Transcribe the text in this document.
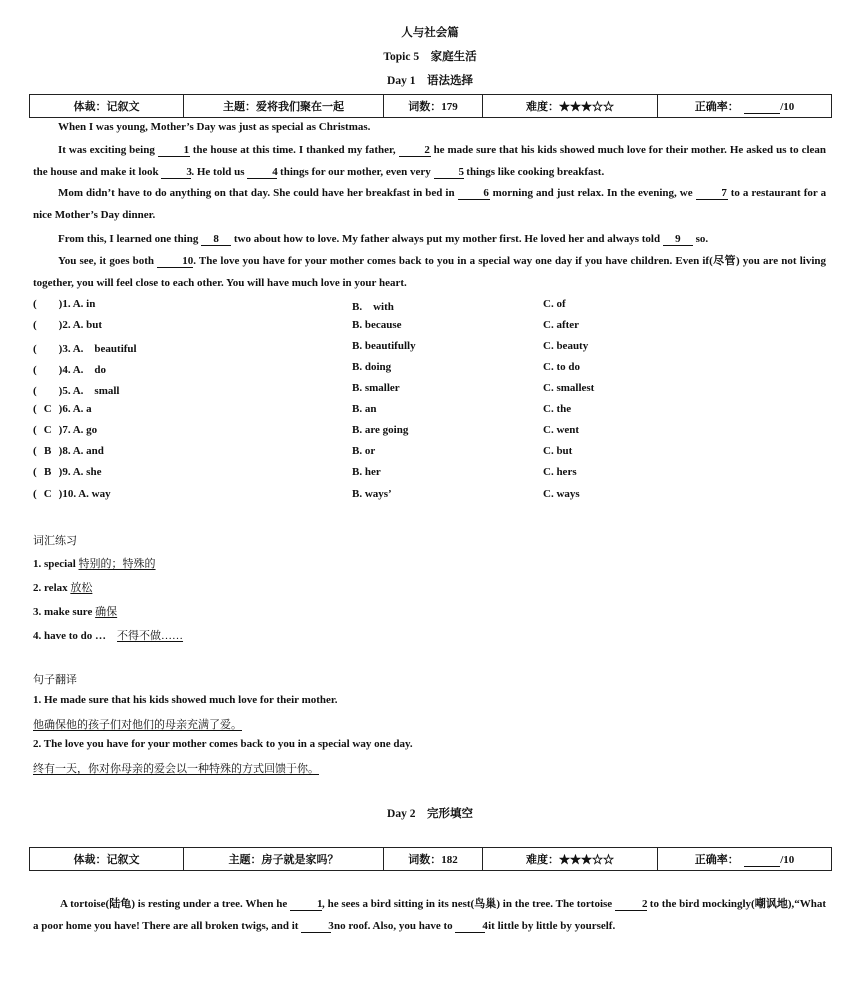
人与社会篇
Topic 5　家庭生活
Day 1　语法选择
体裁：记叙文	主题：爱将我们聚在一起	词数：179	难度：★★★☆☆	正确率：　	/10
When I was young, Mother’s Day was just as special as Christmas.
It was exciting being	1 the house at this time. I thanked my father,	2 he made sure that his kids showed much love for their mother. He asked us to clean the house and make it look	3. He told us	4 things for our mother, even very	5 things like cooking breakfast.
Mom didn’t have to do anything on that day. She could have her breakfast in bed in	6 morning and just relax. In the evening, we	7 to a restaurant for a nice Mother’s Day dinner.
From this, I learned one thing 8 two about how to love. My father always put my mother first. He loved her and always told 9 so.
You see, it goes both	10. The love you have for your mother comes back to you in a special way one day if you have children. Even if(尽管) you are not living together, you will feel close to each other. You will have much love in your heart.
( )1. A. in	B.　with	C. of
( )2. A. but	B. because	C. after
( )3. A.　beautiful	B. beautifully	C. beauty
( )4. A.　do	B. doing	C. to do
( )5. A.　small	B. smaller	C. smallest
( C )6. A. a	B. an	C. the
( C )7. A. go	B. are going	C. went
( B )8. A. and	B. or	C. but
( B )9. A. she	B. her	C. hers
( C )10. A. way	B. ways’	C. ways
词汇练习
1. special 特别的；特殊的
2. relax 放松
3. make sure 确保
4. have to do …　 不得不做……
句子翻译
1. He made sure that his kids showed much love for their mother.
他确保他的孩子们对他们的母亲充满了爱。
2. The love you have for your mother comes back to you in a special way one day.
终有一天，你对你母亲的爱会以一种特殊的方式回馈于你。
Day 2　完形填空
体裁：记叙文	主题：房子就是家吗？	词数：182	难度：★★★☆☆	正确率：　	/10
A tortoise(陆龟) is resting under a tree. When he	1, he sees a bird sitting in its nest(鸟巢) in the tree. The tortoise	2 to the bird mockingly(嘲讽地),“What a poor home you have! There are all broken twigs, and it	3 no roof. Also, you have to	4 it little by little by yourself.
